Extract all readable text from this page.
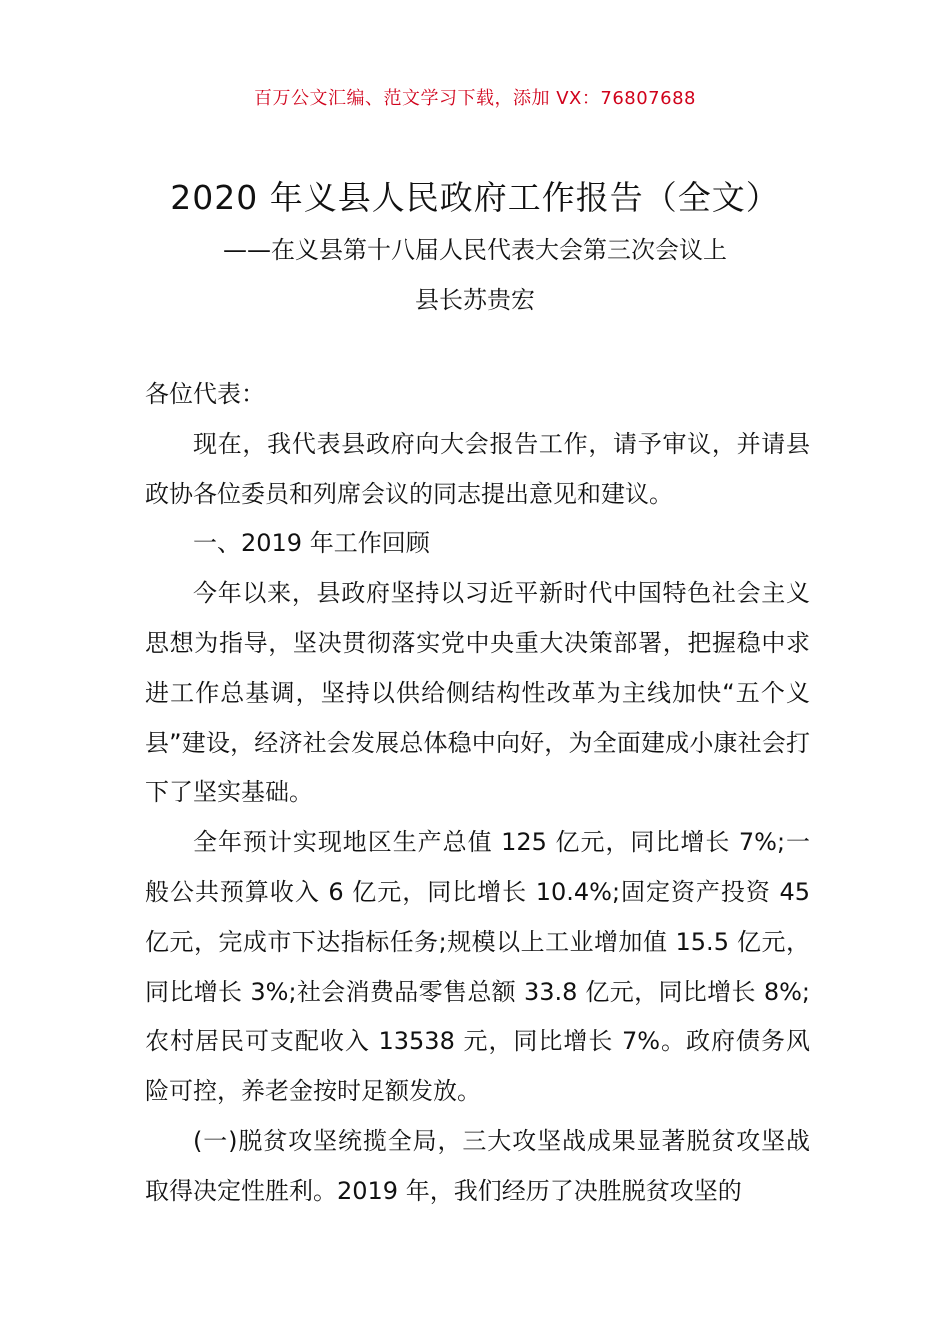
百万公文汇编、范文学习下载，添加 VX：76807688
2020 年义县人民政府工作报告（全文）
——在义县第十八届人民代表大会第三次会议上
县长苏贵宏

各位代表：

现在，我代表县政府向大会报告工作，请予审议，并请县政协各位委员和列席会议的同志提出意见和建议。

一、2019 年工作回顾

今年以来，县政府坚持以习近平新时代中国特色社会主义思想为指导，坚决贯彻落实党中央重大决策部署，把握稳中求进工作总基调，坚持以供给侧结构性改革为主线加快“五个义县”建设，经济社会发展总体稳中向好，为全面建成小康社会打下了坚实基础。

全年预计实现地区生产总值 125 亿元，同比增长 7%;一般公共预算收入 6 亿元，同比增长 10.4%;固定资产投资 45 亿元，完成市下达指标任务;规模以上工业增加值 15.5 亿元，同比增长 3%;社会消费品零售总额 33.8 亿元，同比增长 8%;农村居民可支配收入 13538 元，同比增长 7%。政府债务风险可控，养老金按时足额发放。

(一)脱贫攻坚统揽全局，三大攻坚战成果显著脱贫攻坚战取得决定性胜利。2019 年，我们经历了决胜脱贫攻坚的
